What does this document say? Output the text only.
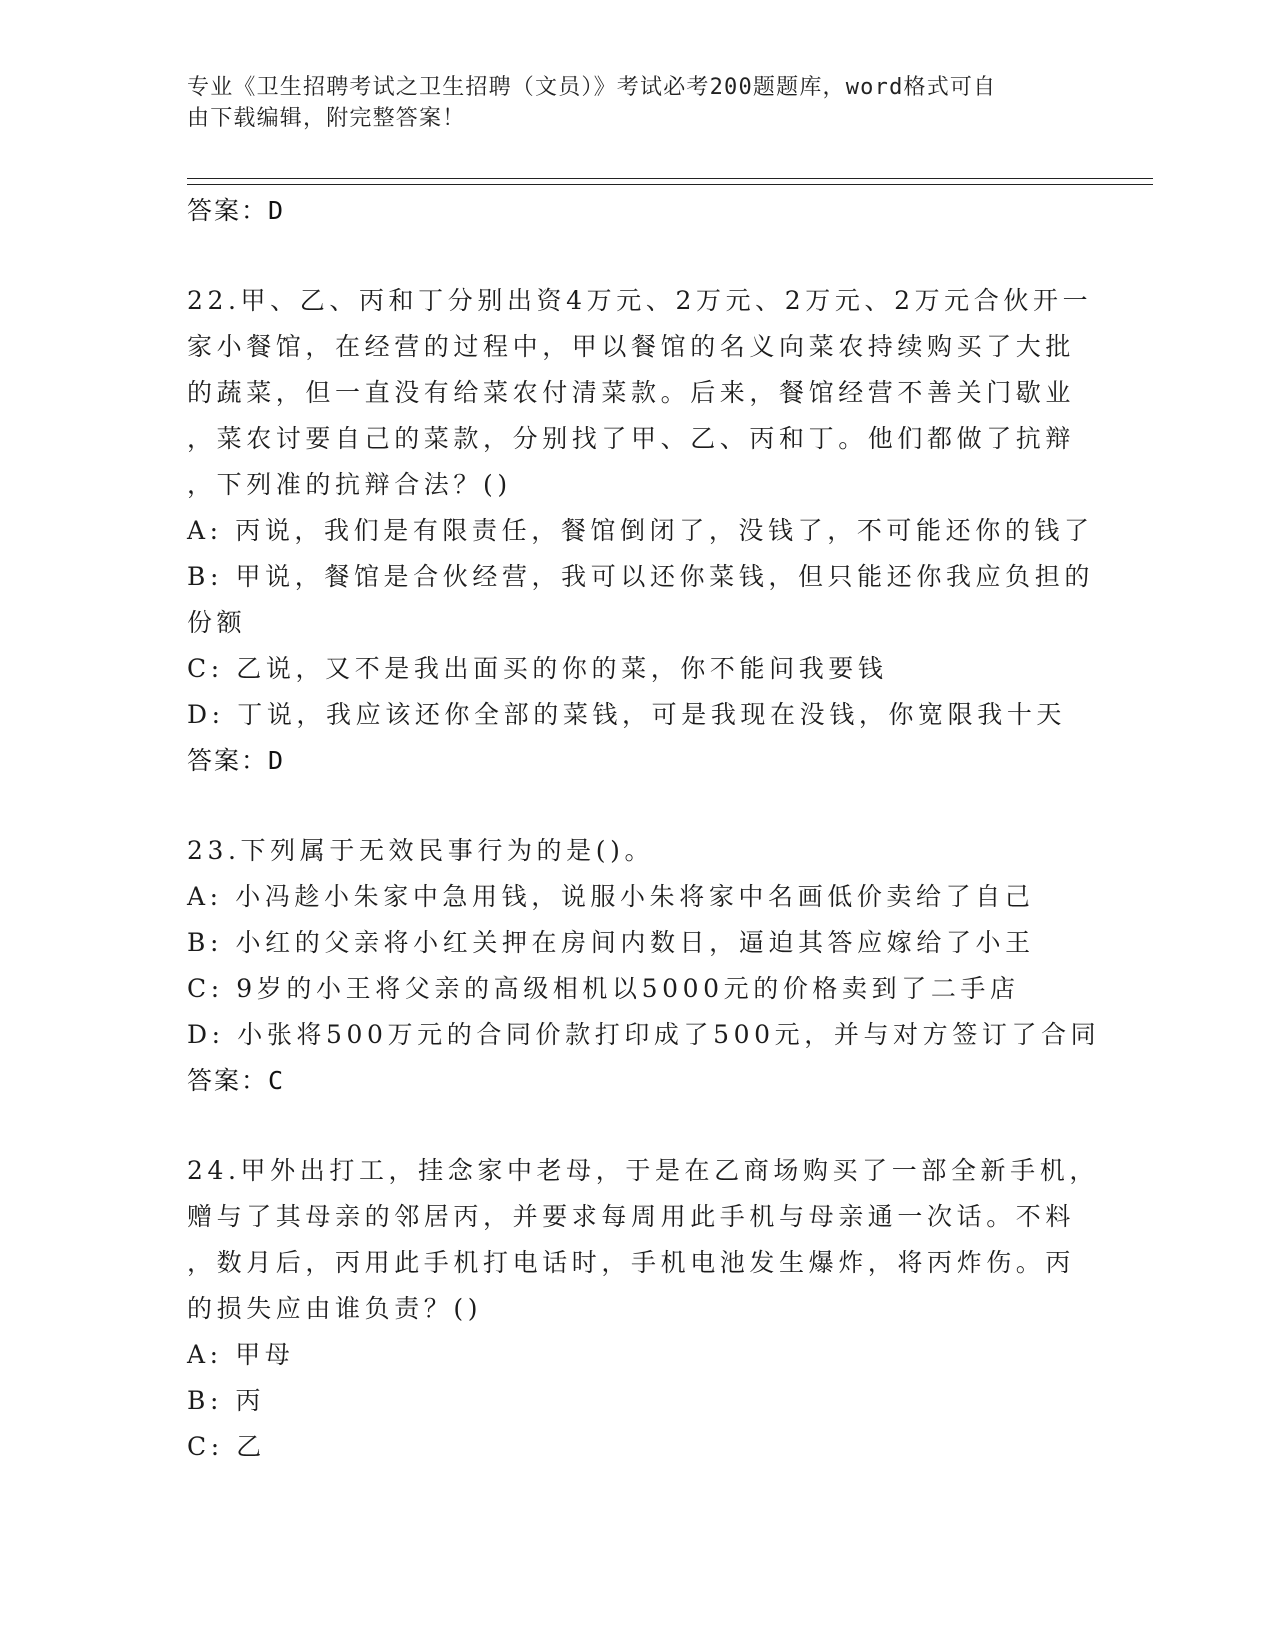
专业《卫生招聘考试之卫生招聘（文员）》考试必考200题题库，word格式可自
由下载编辑，附完整答案！
答案：D
22.甲、乙、丙和丁分别出资4万元、2万元、2万元、2万元合伙开一
家小餐馆，在经营的过程中，甲以餐馆的名义向菜农持续购买了大批
的蔬菜，但一直没有给菜农付清菜款。后来，餐馆经营不善关门歇业
，菜农讨要自己的菜款，分别找了甲、乙、丙和丁。他们都做了抗辩
，下列准的抗辩合法？()
A: 丙说，我们是有限责任，餐馆倒闭了，没钱了，不可能还你的钱了
B: 甲说，餐馆是合伙经营，我可以还你菜钱，但只能还你我应负担的
份额
C: 乙说，又不是我出面买的你的菜，你不能问我要钱
D: 丁说，我应该还你全部的菜钱，可是我现在没钱，你宽限我十天
答案：D
23.下列属于无效民事行为的是()。
A: 小冯趁小朱家中急用钱，说服小朱将家中名画低价卖给了自己
B: 小红的父亲将小红关押在房间内数日，逼迫其答应嫁给了小王
C: 9岁的小王将父亲的高级相机以5000元的价格卖到了二手店
D: 小张将500万元的合同价款打印成了500元，并与对方签订了合同
答案：C
24.甲外出打工，挂念家中老母，于是在乙商场购买了一部全新手机，
赠与了其母亲的邻居丙，并要求每周用此手机与母亲通一次话。不料
，数月后，丙用此手机打电话时，手机电池发生爆炸，将丙炸伤。丙
的损失应由谁负责？()
A: 甲母
B: 丙
C: 乙
